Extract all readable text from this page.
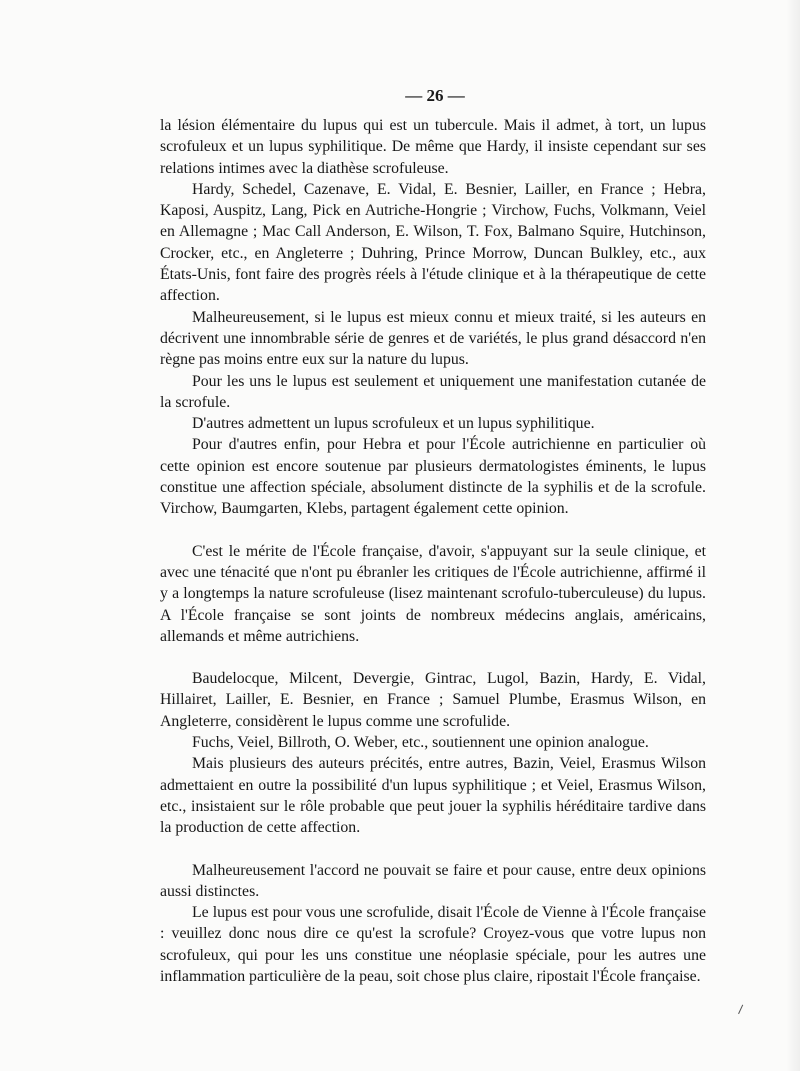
— 26 —

la lésion élémentaire du lupus qui est un tubercule. Mais il admet, à tort, un lupus scrofuleux et un lupus syphilitique. De même que Hardy, il insiste cependant sur ses relations intimes avec la diathèse scrofuleuse.

Hardy, Schedel, Cazenave, E. Vidal, E. Besnier, Lailler, en France ; Hebra, Kaposi, Auspitz, Lang, Pick en Autriche-Hongrie ; Virchow, Fuchs, Volkmann, Veiel en Allemagne ; Mac Call Anderson, E. Wilson, T. Fox, Balmano Squire, Hutchinson, Crocker, etc., en Angleterre ; Duhring, Prince Morrow, Duncan Bulkley, etc., aux États-Unis, font faire des progrès réels à l'étude clinique et à la thérapeutique de cette affection.

Malheureusement, si le lupus est mieux connu et mieux traité, si les auteurs en décrivent une innombrable série de genres et de variétés, le plus grand désaccord n'en règne pas moins entre eux sur la nature du lupus.

Pour les uns le lupus est seulement et uniquement une manifestation cutanée de la scrofule.

D'autres admettent un lupus scrofuleux et un lupus syphilitique.

Pour d'autres enfin, pour Hebra et pour l'École autrichienne en particulier où cette opinion est encore soutenue par plusieurs dermatologistes éminents, le lupus constitue une affection spéciale, absolument distincte de la syphilis et de la scrofule. Virchow, Baumgarten, Klebs, partagent également cette opinion.

C'est le mérite de l'École française, d'avoir, s'appuyant sur la seule clinique, et avec une ténacité que n'ont pu ébranler les critiques de l'École autrichienne, affirmé il y a longtemps la nature scrofuleuse (lisez maintenant scrofulo-tuberculeuse) du lupus. A l'École française se sont joints de nombreux médecins anglais, américains, allemands et même autrichiens.

Baudelocque, Milcent, Devergie, Gintrac, Lugol, Bazin, Hardy, E. Vidal, Hillairet, Lailler, E. Besnier, en France ; Samuel Plumbe, Erasmus Wilson, en Angleterre, considèrent le lupus comme une scrofulide.

Fuchs, Veiel, Billroth, O. Weber, etc., soutiennent une opinion analogue.

Mais plusieurs des auteurs précités, entre autres, Bazin, Veiel, Erasmus Wilson admettaient en outre la possibilité d'un lupus syphilitique ; et Veiel, Erasmus Wilson, etc., insistaient sur le rôle probable que peut jouer la syphilis héréditaire tardive dans la production de cette affection.

Malheureusement l'accord ne pouvait se faire et pour cause, entre deux opinions aussi distinctes.

Le lupus est pour vous une scrofulide, disait l'École de Vienne à l'École française : veuillez donc nous dire ce qu'est la scrofule? Croyez-vous que votre lupus non scrofuleux, qui pour les uns constitue une néoplasie spéciale, pour les autres une inflammation particulière de la peau, soit chose plus claire, ripostait l'École française.
